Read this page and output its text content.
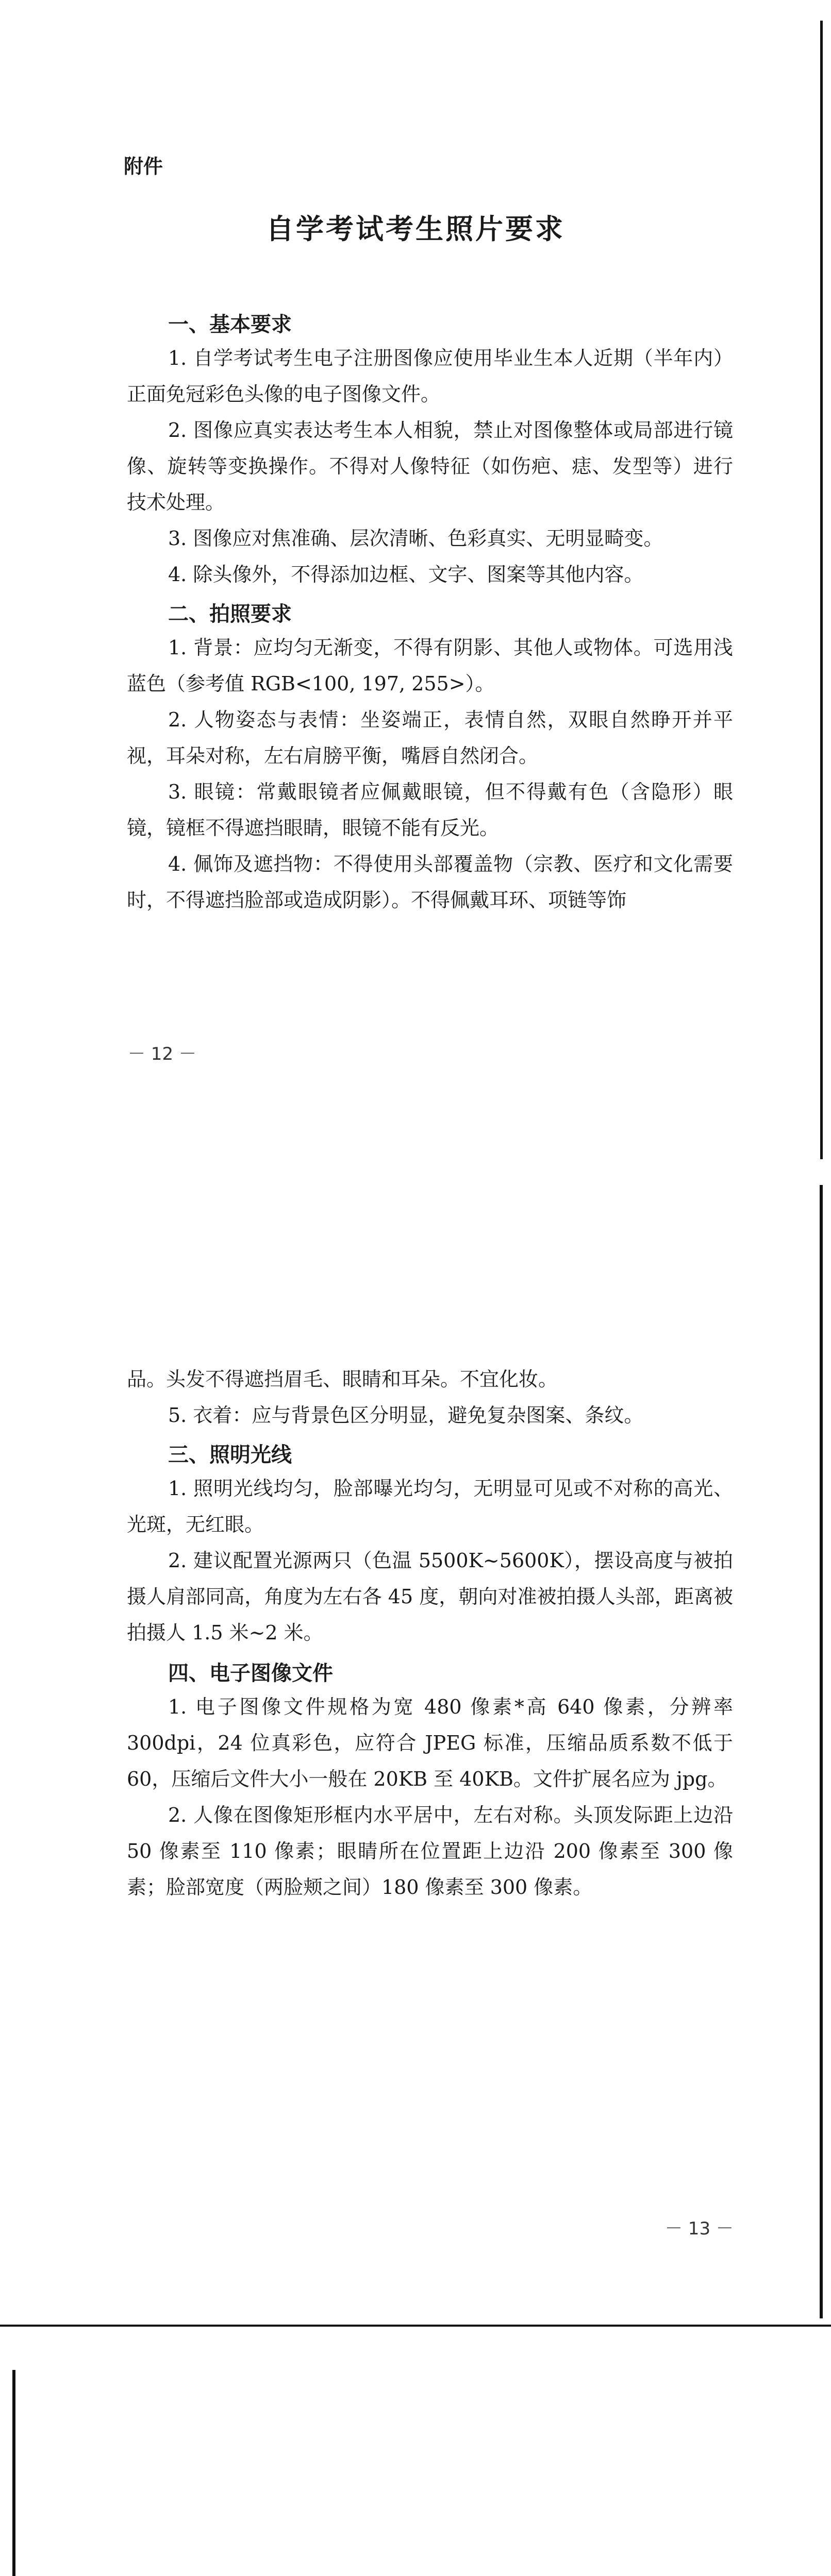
附件
自学考试考生照片要求
一、基本要求

1. 自学考试考生电子注册图像应使用毕业生本人近期（半年内）正面免冠彩色头像的电子图像文件。

2. 图像应真实表达考生本人相貌，禁止对图像整体或局部进行镜像、旋转等变换操作。不得对人像特征（如伤疤、痣、发型等）进行技术处理。

3. 图像应对焦准确、层次清晰、色彩真实、无明显畸变。

4. 除头像外，不得添加边框、文字、图案等其他内容。

二、拍照要求

1. 背景：应均匀无渐变，不得有阴影、其他人或物体。可选用浅蓝色（参考值 RGB<100, 197, 255>）。

2. 人物姿态与表情：坐姿端正，表情自然，双眼自然睁开并平视，耳朵对称，左右肩膀平衡，嘴唇自然闭合。

3. 眼镜：常戴眼镜者应佩戴眼镜，但不得戴有色（含隐形）眼镜，镜框不得遮挡眼睛，眼镜不能有反光。

4. 佩饰及遮挡物：不得使用头部覆盖物（宗教、医疗和文化需要时，不得遮挡脸部或造成阴影）。不得佩戴耳环、项链等饰

－ 12 －

品。头发不得遮挡眉毛、眼睛和耳朵。不宜化妆。

5. 衣着：应与背景色区分明显，避免复杂图案、条纹。

三、照明光线

1. 照明光线均匀，脸部曝光均匀，无明显可见或不对称的高光、光斑，无红眼。

2. 建议配置光源两只（色温 5500K~5600K），摆设高度与被拍摄人肩部同高，角度为左右各 45 度，朝向对准被拍摄人头部，距离被拍摄人 1.5 米~2 米。

四、电子图像文件

1. 电子图像文件规格为宽 480 像素*高 640 像素，分辨率 300dpi，24 位真彩色，应符合 JPEG 标准，压缩品质系数不低于 60，压缩后文件大小一般在 20KB 至 40KB。文件扩展名应为 jpg。

2. 人像在图像矩形框内水平居中，左右对称。头顶发际距上边沿 50 像素至 110 像素；眼睛所在位置距上边沿 200 像素至 300 像素；脸部宽度（两脸颊之间）180 像素至 300 像素。

－ 13 －
